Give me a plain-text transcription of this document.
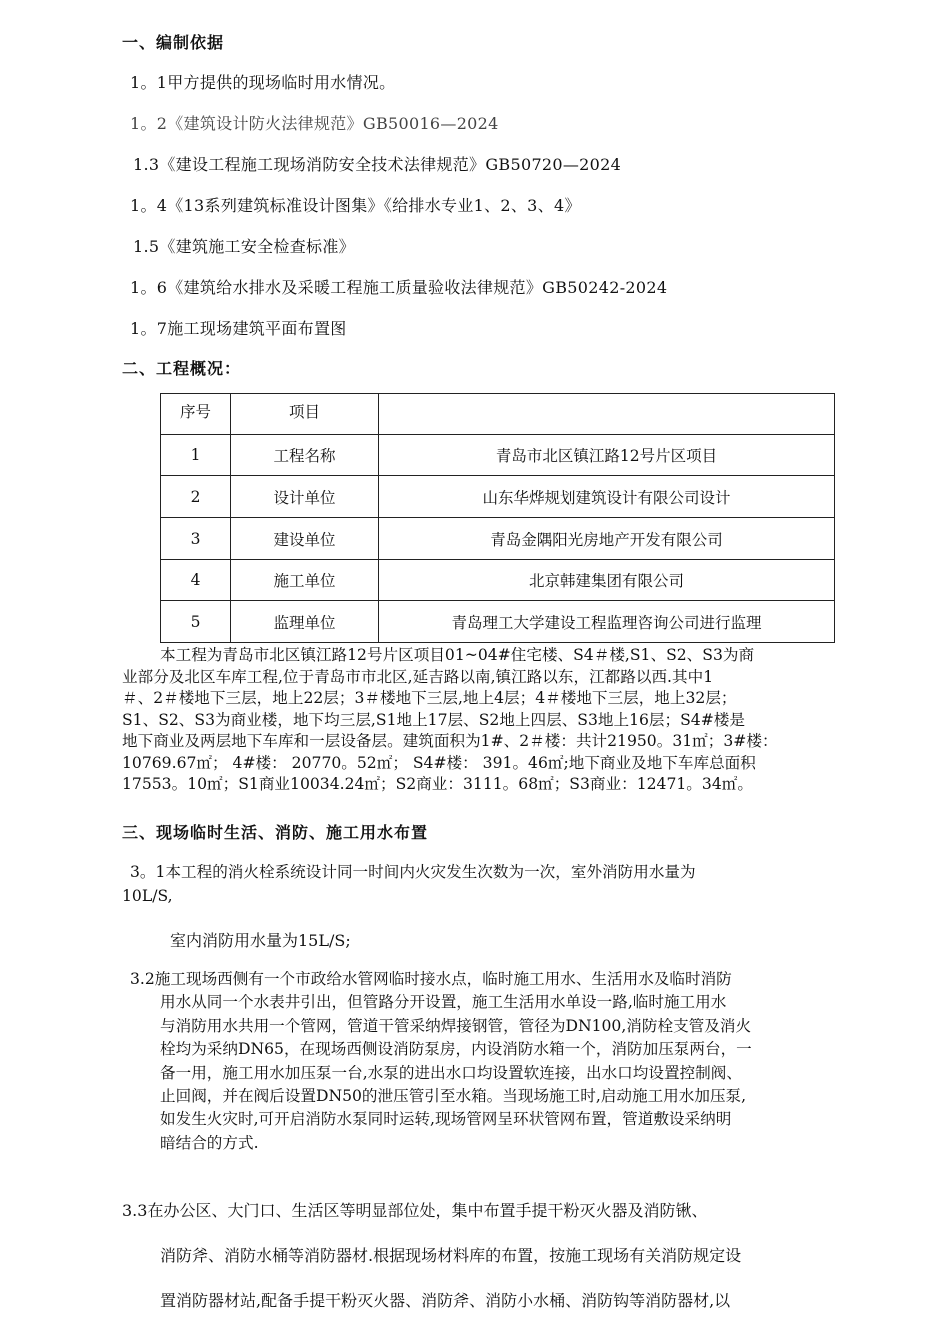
一、编制依据
1。1甲方提供的现场临时用水情况。
1。2《建筑设计防火法律规范》GB50016—2024
1.3《建设工程施工现场消防安全技术法律规范》GB50720—2024
1。4《13系列建筑标准设计图集》《给排水专业1、2、3、4》
1.5《建筑施工安全检查标准》
1。6《建筑给水排水及采暖工程施工质量验收法律规范》GB50242-2024
1。7施工现场建筑平面布置图
二、工程概况：
序号	项目	
1	工程名称	青岛市北区镇江路12号片区项目
2	设计单位	山东华烨规划建筑设计有限公司设计
3	建设单位	青岛金隅阳光房地产开发有限公司
4	施工单位	北京韩建集团有限公司
5	监理单位	青岛理工大学建设工程监理咨询公司进行监理
本工程为青岛市北区镇江路12号片区项目01~04#住宅楼、S4＃楼,S1、S2、S3为商
业部分及北区车库工程,位于青岛市市北区,延吉路以南,镇江路以东，江都路以西.其中1
＃、2＃楼地下三层，地上22层；3＃楼地下三层,地上4层；4＃楼地下三层，地上32层；
S1、S2、S3为商业楼，地下均三层,S1地上17层、S2地上四层、S3地上16层；S4#楼是
地下商业及两层地下车库和一层设备层。建筑面积为1#、2＃楼：共计21950。31㎡；3#楼：
10769.67㎡； 4#楼： 20770。52㎡； S4#楼： 391。46㎡;地下商业及地下车库总面积
17553。10㎡；S1商业10034.24㎡；S2商业：3111。68㎡；S3商业：12471。34㎡。
三、现场临时生活、消防、施工用水布置
3。1本工程的消火栓系统设计同一时间内火灾发生次数为一次，室外消防用水量为
10L/S,
室内消防用水量为15L/S;
3.2施工现场西侧有一个市政给水管网临时接水点，临时施工用水、生活用水及临时消防
用水从同一个水表井引出，但管路分开设置，施工生活用水单设一路,临时施工用水
与消防用水共用一个管网，管道干管采纳焊接钢管，管径为DN100,消防栓支管及消火
栓均为采纳DN65，在现场西侧设消防泵房，内设消防水箱一个，消防加压泵两台，一
备一用，施工用水加压泵一台,水泵的进出水口均设置软连接，出水口均设置控制阀、
止回阀，并在阀后设置DN50的泄压管引至水箱。当现场施工时,启动施工用水加压泵,
如发生火灾时,可开启消防水泵同时运转,现场管网呈环状管网布置，管道敷设采纳明
暗结合的方式.
3.3在办公区、大门口、生活区等明显部位处，集中布置手提干粉灭火器及消防锹、
消防斧、消防水桶等消防器材.根据现场材料库的布置，按施工现场有关消防规定设
置消防器材站,配备手提干粉灭火器、消防斧、消防小水桶、消防钩等消防器材,以
